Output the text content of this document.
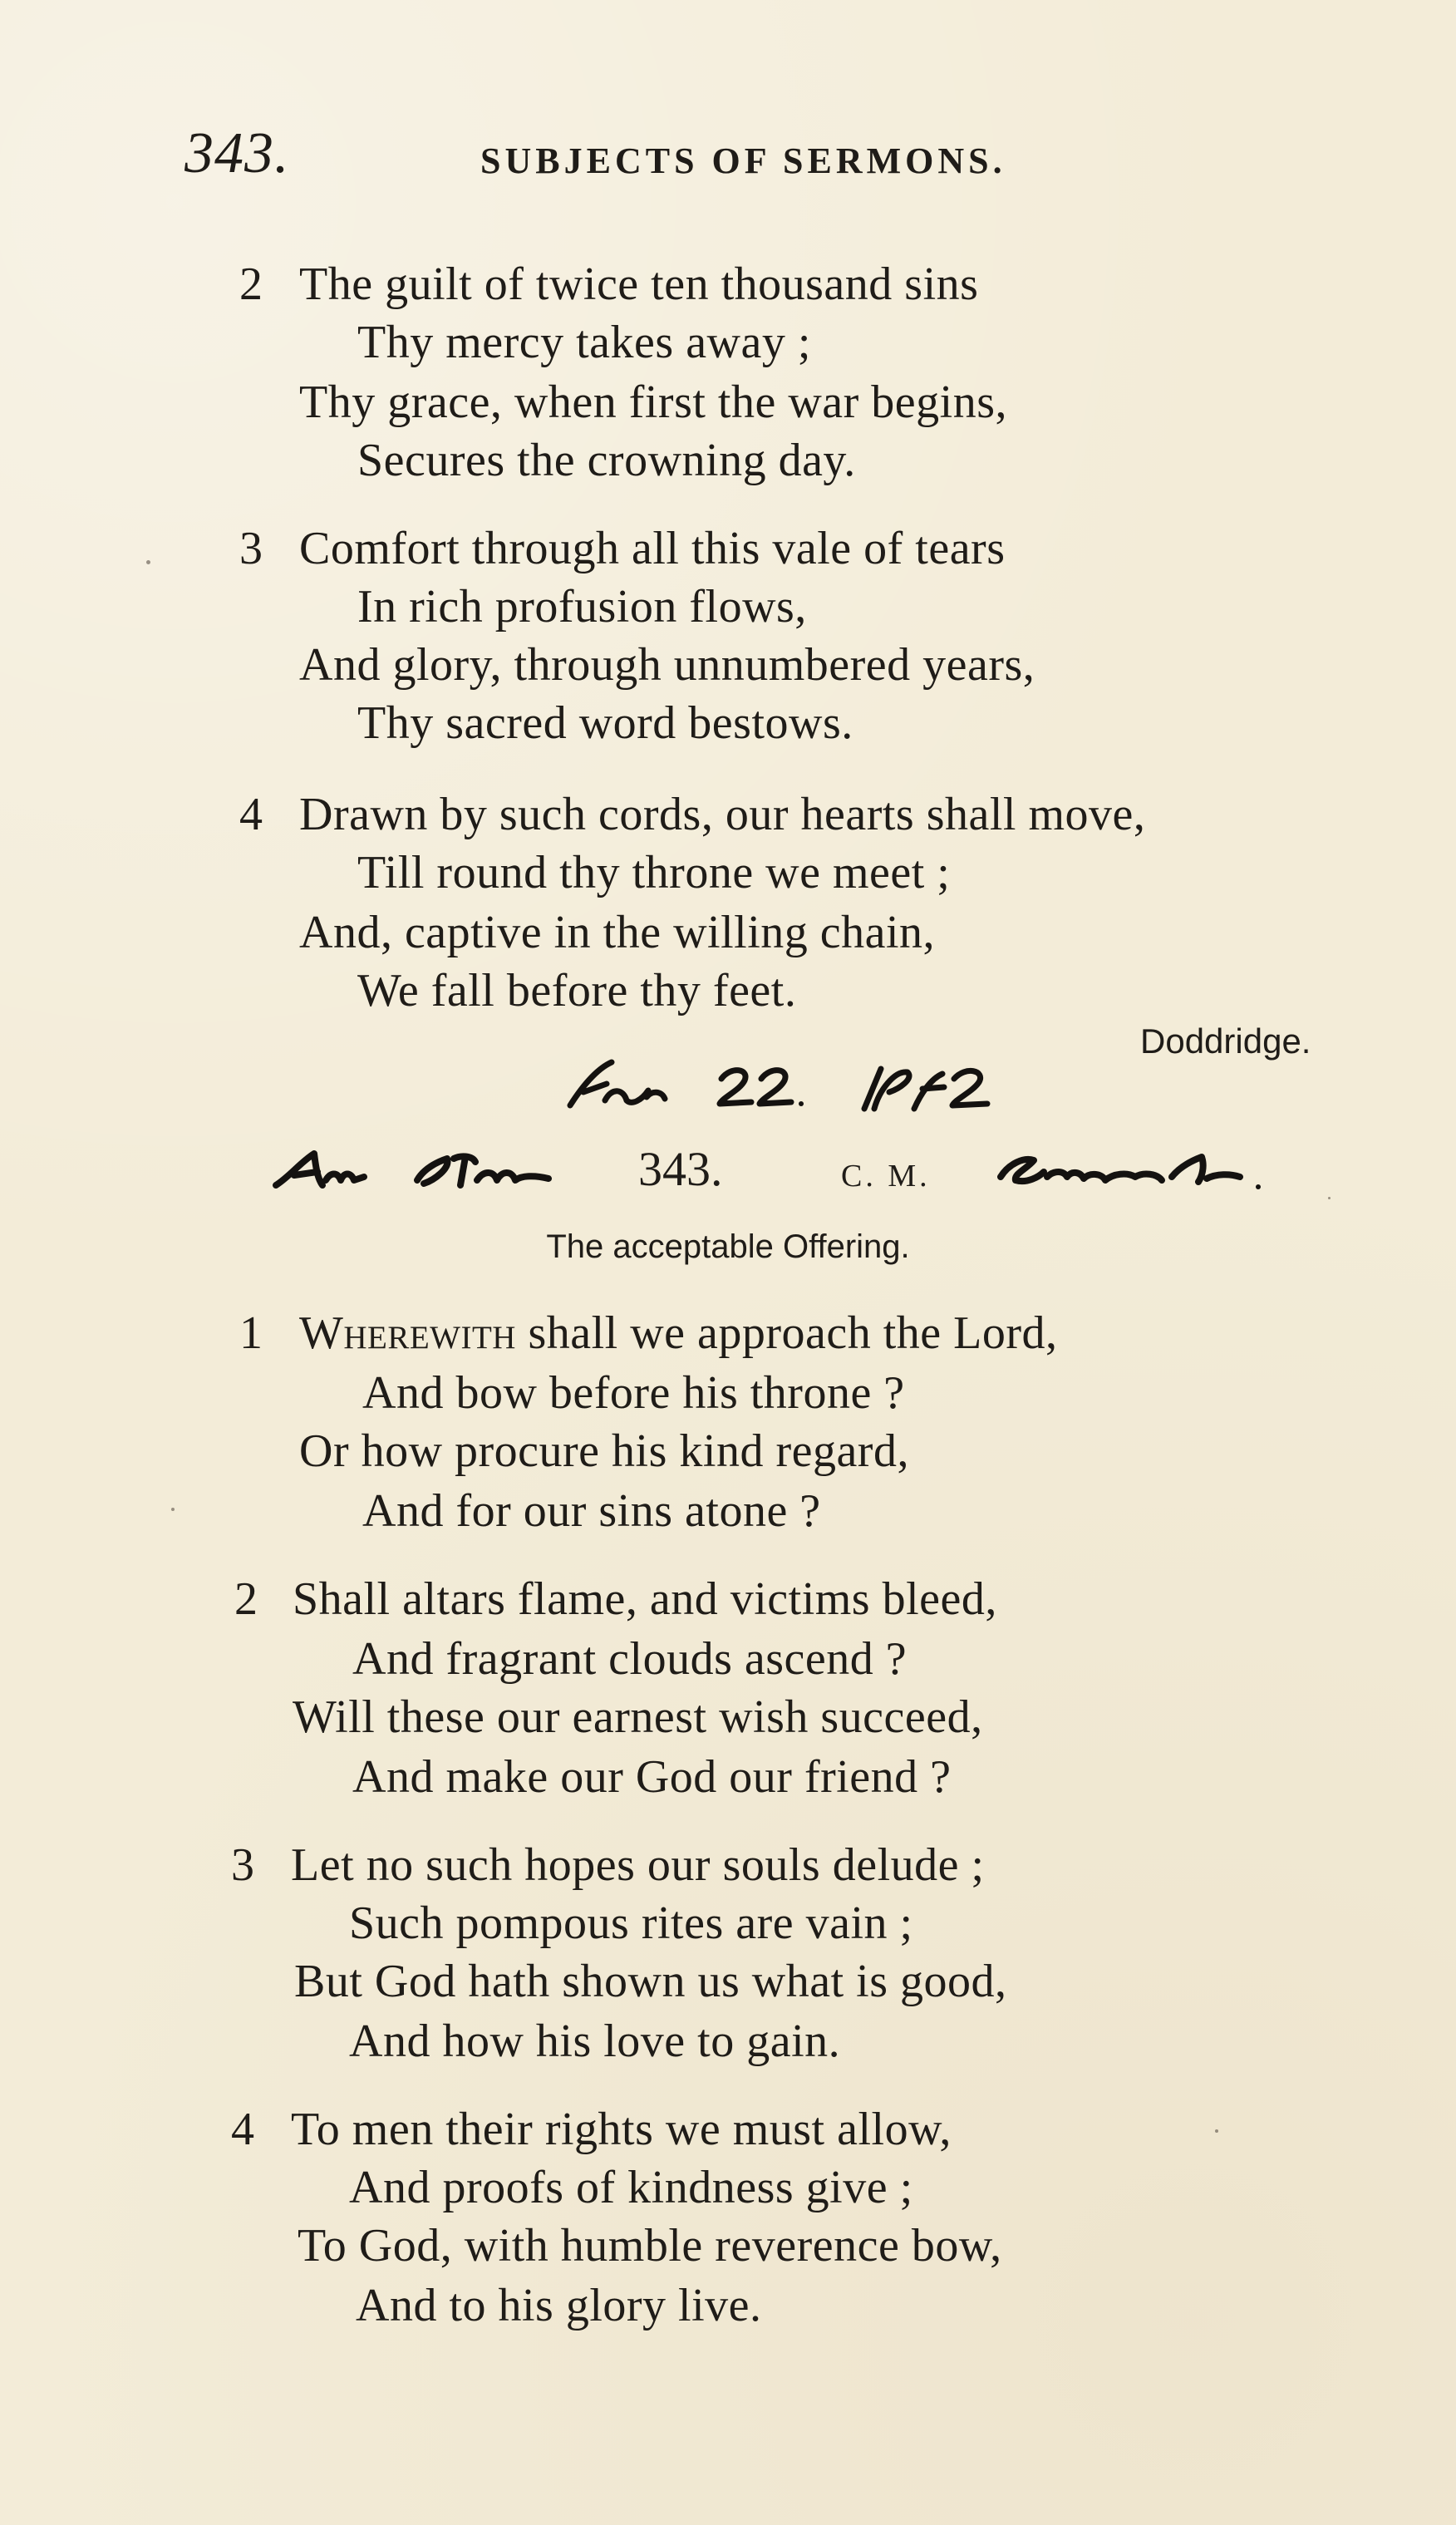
343.	SUBJECTS OF SERMONS.
2 The guilt of twice ten thousand sins
Thy mercy takes away ;
Thy grace, when first the war begins,
Secures the crowning day.
3 Comfort through all this vale of tears
In rich profusion flows,
And glory, through unnumbered years,
Thy sacred word bestows.
4 Drawn by such cords, our hearts shall move,
Till round thy throne we meet ;
And, captive in the willing chain,
We fall before thy feet.
Doddridge.
343.	C. M.
The acceptable Offering.
1 Wherewith shall we approach the Lord,
And bow before his throne ?
Or how procure his kind regard,
And for our sins atone ?
2 Shall altars flame, and victims bleed,
And fragrant clouds ascend ?
Will these our earnest wish succeed,
And make our God our friend ?
3 Let no such hopes our souls delude ;
Such pompous rites are vain ;
But God hath shown us what is good,
And how his love to gain.
4 To men their rights we must allow,
And proofs of kindness give ;
To God, with humble reverence bow,
And to his glory live.
